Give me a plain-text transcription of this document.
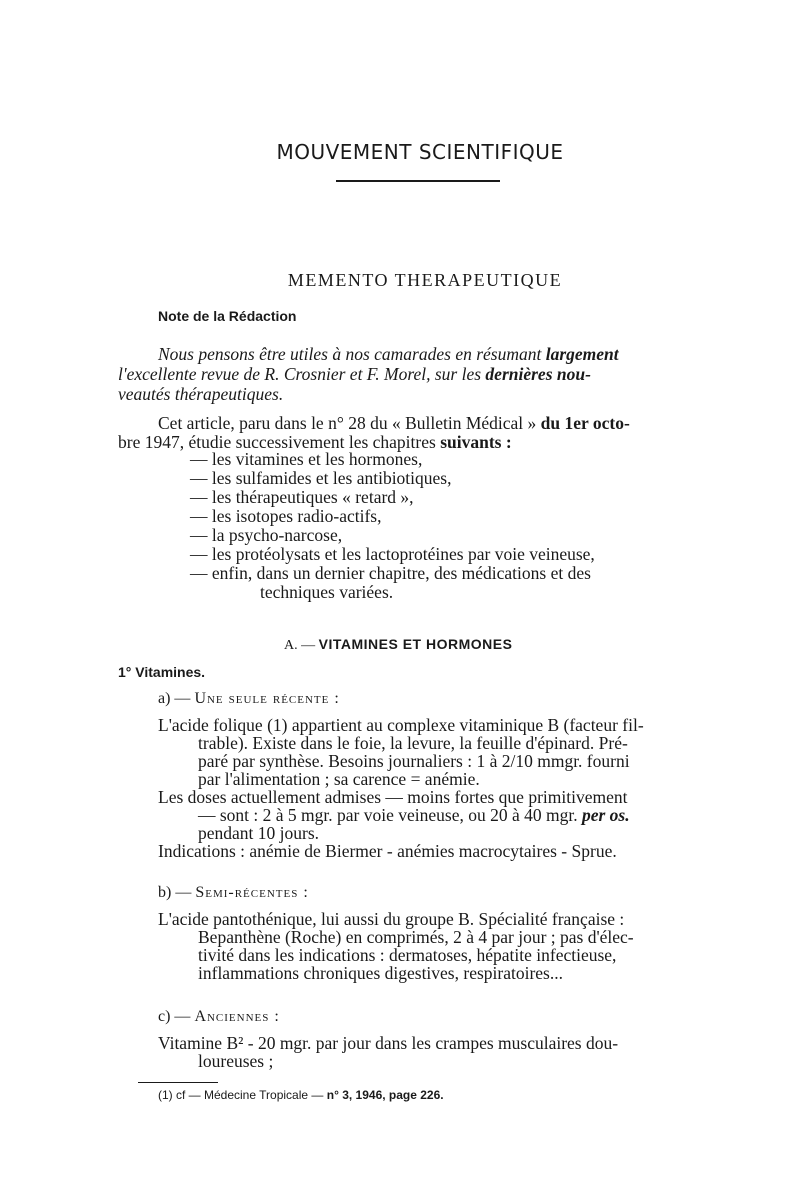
MOUVEMENT SCIENTIFIQUE
MEMENTO THERAPEUTIQUE
Note de la Rédaction
Nous pensons être utiles à nos camarades en résumant largement
l'excellente revue de R. Crosnier et F. Morel, sur les dernières nou-
veautés thérapeutiques.
Cet article, paru dans le n° 28 du « Bulletin Médical » du 1er octo-
bre 1947, étudie successivement les chapitres suivants :
— les vitamines et les hormones,
— les sulfamides et les antibiotiques,
— les thérapeutiques « retard »,
— les isotopes radio-actifs,
— la psycho-narcose,
— les protéolysats et les lactoprotéines par voie veineuse,
— enfin, dans un dernier chapitre, des médications et des
techniques variées.
A. — VITAMINES ET HORMONES
1° Vitamines.
a) — Une seule récente :
L'acide folique (1) appartient au complexe vitaminique B (facteur fil-
trable). Existe dans le foie, la levure, la feuille d'épinard. Pré-
paré par synthèse. Besoins journaliers : 1 à 2/10 mmgr. fourni
par l'alimentation ; sa carence = anémie.
Les doses actuellement admises — moins fortes que primitivement
— sont : 2 à 5 mgr. par voie veineuse, ou 20 à 40 mgr. per os.
pendant 10 jours.
Indications : anémie de Biermer - anémies macrocytaires - Sprue.
b) — Semi-récentes :
L'acide pantothénique, lui aussi du groupe B. Spécialité française :
Bepanthène (Roche) en comprimés, 2 à 4 par jour ; pas d'élec-
tivité dans les indications : dermatoses, hépatite infectieuse,
inflammations chroniques digestives, respiratoires...
c) — Anciennes :
Vitamine B² - 20 mgr. par jour dans les crampes musculaires dou-
loureuses ;
(1) cf — Médecine Tropicale — n° 3, 1946, page 226.
